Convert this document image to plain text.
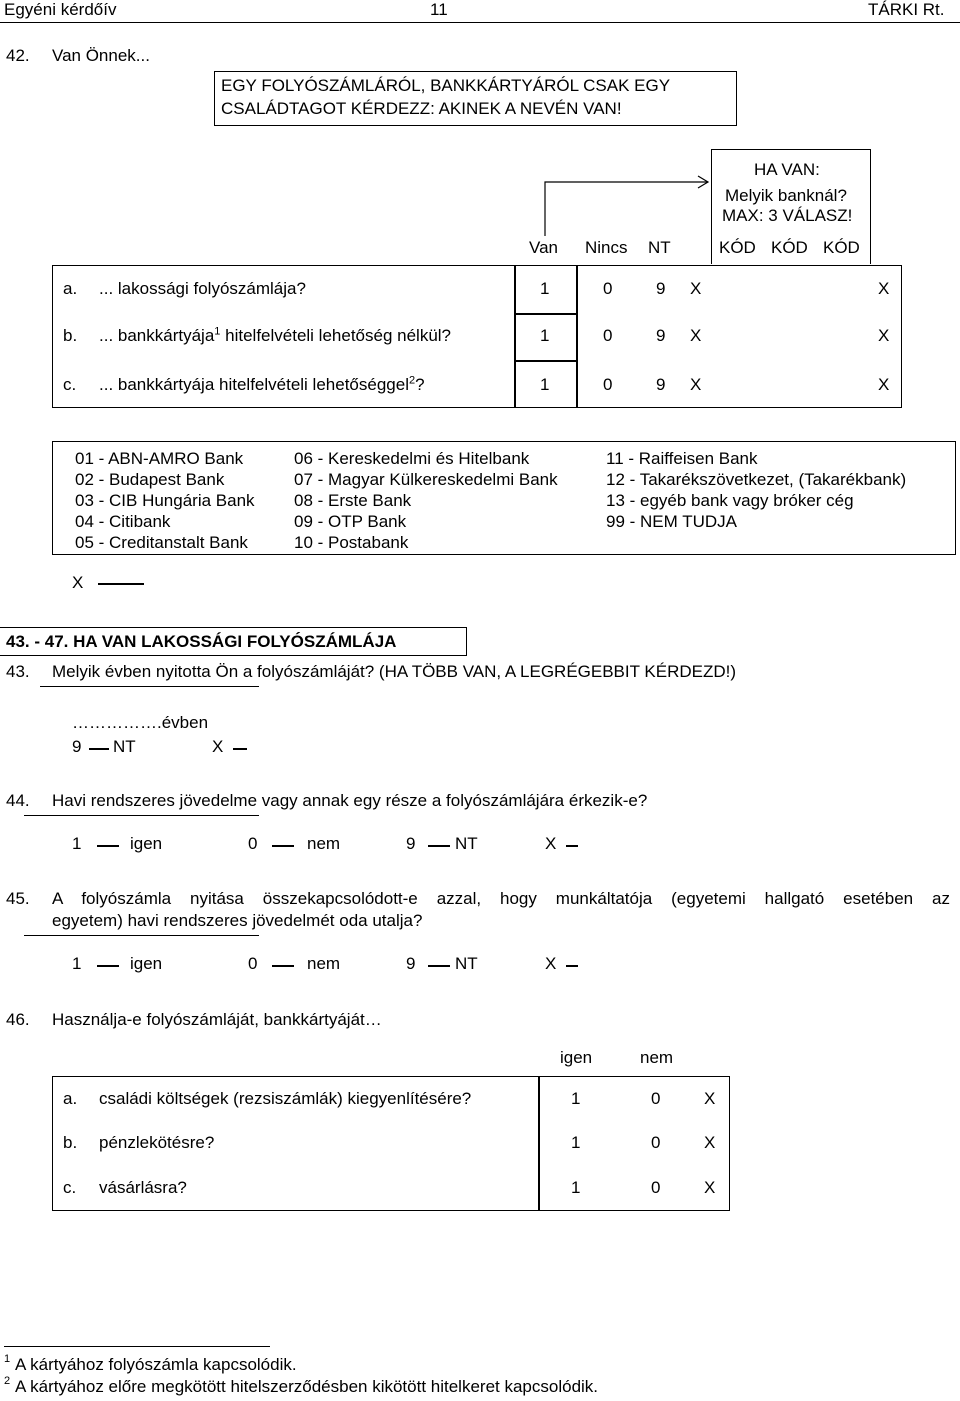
Egyéni kérdőív	11	TÁRKI Rt.
42. Van Önnek...
EGY FOLYÓSZÁMLÁRÓL, BANKKÁRTYÁRÓL CSAK EGY
CSALÁDTAGOT KÉRDEZZ: AKINEK A NEVÉN VAN!
HA VAN:
Melyik banknál?
MAX: 3 VÁLASZ!
Van Nincs NT	KÓD KÓD KÓD
a. ... lakossági folyószámlája?	1	0	9 X	X
b. ... bankkártyája$^1$ hitelfelvételi lehetőség nélkül?	1	0	9 X	X
c. ... bankkártyája hitelfelvételi lehetőséggel$^2$?	1	0	9 X	X
01 - ABN-AMRO Bank
02 - Budapest Bank
03 - CIB Hungária Bank
04 - Citibank
05 - Creditanstalt Bank
06 - Kereskedelmi és Hitelbank
07 - Magyar Külkereskedelmi Bank
08 - Erste Bank
09 - OTP Bank
10 - Postabank
11 - Raiffeisen Bank
12 - Takarékszövetkezet, (Takarékbank)
13 - egyéb bank vagy bróker cég
99 - NEM TUDJA
X
43. - 47. HA VAN LAKOSSÁGI FOLYÓSZÁMLÁJA
43. Melyik évben nyitotta Ön a folyószámláját? (HA TÖBB VAN, A LEGRÉGEBBIT KÉRDEZD!)
…………….évben
9 NT	X
44. Havi rendszeres jövedelme vagy annak egy része a folyószámlájára érkezik-e?
1	igen	0	nem	9 NT	X
45. A folyószámla nyitása összekapcsolódott-e azzal, hogy munkáltatója (egyetemi hallgató esetében az
egyetem) havi rendszeres jövedelmét oda utalja?
1	igen	0	nem	9 NT	X
46. Használja-e folyószámláját, bankkártyáját…
igen	nem
a. családi költségek (rezsiszámlák) kiegyenlítésére?	1	0	X
b. pénzlekötésre?	1	0	X
c. vásárlásra?	1	0	X
1 A kártyához folyószámla kapcsolódik.
2 A kártyához előre megkötött hitelszerződésben kikötött hitelkeret kapcsolódik.
